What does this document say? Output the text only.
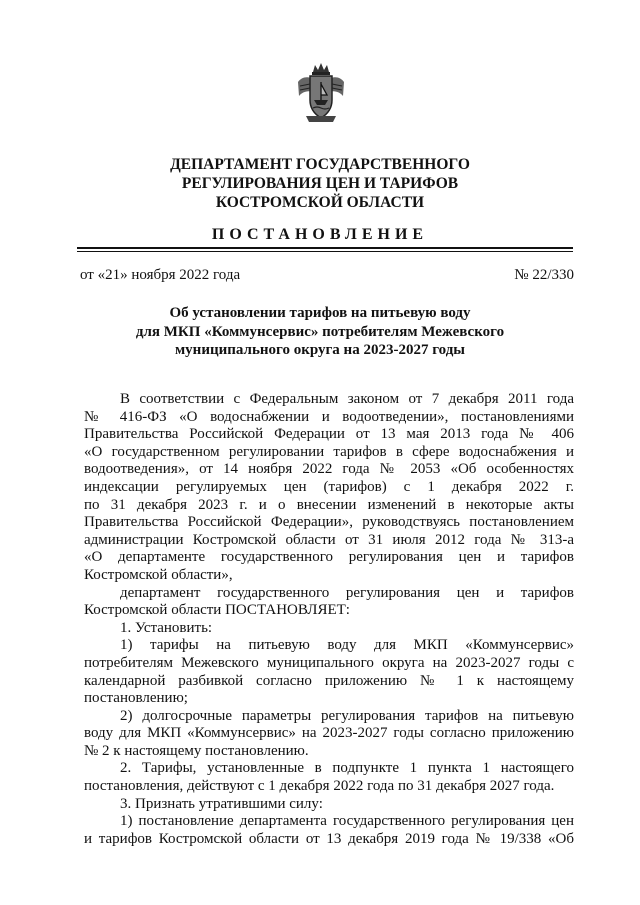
ДЕПАРТАМЕНТ ГОСУДАРСТВЕННОГО
РЕГУЛИРОВАНИЯ ЦЕН И ТАРИФОВ
КОСТРОМСКОЙ ОБЛАСТИ
ПОСТАНОВЛЕНИЕ
от «21» ноября 2022 года	№ 22/330
Об установлении тарифов на питьевую воду
для МКП «Коммунсервис» потребителям Межевского
муниципального округа на 2023-2027 годы

В соответствии с Федеральным законом от 7 декабря 2011 года

№ 416-ФЗ «О водоснабжении и водоотведении», постановлениями

Правительства Российской Федерации от 13 мая 2013 года № 406

«О государственном регулировании тарифов в сфере водоснабжения и

водоотведения», от 14 ноября 2022 года № 2053 «Об особенностях

индексации регулируемых цен (тарифов) с 1 декабря 2022 г.

по 31 декабря 2023 г. и о внесении изменений в некоторые акты

Правительства Российской Федерации», руководствуясь постановлением

администрации Костромской области от 31 июля 2012 года № 313-а

«О департаменте государственного регулирования цен и тарифов

Костромской области»,

департамент государственного регулирования цен и тарифов

Костромской области ПОСТАНОВЛЯЕТ:

1. Установить:

1) тарифы на питьевую воду для МКП «Коммунсервис»

потребителям Межевского муниципального округа на 2023-2027 годы с

календарной разбивкой согласно приложению № 1 к настоящему

постановлению;

2) долгосрочные параметры регулирования тарифов на питьевую

воду для МКП «Коммунсервис» на 2023-2027 годы согласно приложению

№ 2 к настоящему постановлению.

2. Тарифы, установленные в подпункте 1 пункта 1 настоящего

постановления, действуют с 1 декабря 2022 года по 31 декабря 2027 года.

3. Признать утратившими силу:

1) постановление департамента государственного регулирования цен

и тарифов Костромской области от 13 декабря 2019 года № 19/338 «Об
